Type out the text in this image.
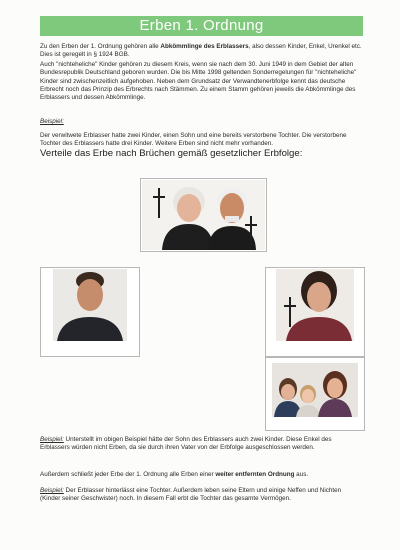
Erben 1. Ordnung

Zu den Erben der 1. Ordnung gehören alle Abkömmlinge des Erblassers, also dessen Kinder, Enkel, Urenkel etc. Dies ist geregelt in § 1924 BGB.

Auch "nichteheliche" Kinder gehören zu diesem Kreis, wenn sie nach dem 30. Juni 1949 in dem Gebiet der alten Bundesrepublik Deutschland geboren wurden. Die bis Mitte 1998 geltenden Sonderregelungen für "nichteheliche" Kinder sind zwischenzeitlich aufgehoben. Neben dem Grundsatz der Verwandtenerbfolge kennt das deutsche Erbrecht noch das Prinzip des Erbrechts nach Stämmen. Zu einem Stamm gehören jeweils die Abkömmlinge des Erblassers und dessen Abkömmlinge.

Beispiel:

Der verwitwete Erblasser hatte zwei Kinder, einen Sohn und eine bereits verstorbene Tochter. Die verstorbene Tochter des Erblassers hatte drei Kinder. Weitere Erben sind nicht mehr vorhanden.

Verteile das Erbe nach Brüchen gemäß gesetzlicher Erbfolge:

Beispiel: Unterstellt im obigen Beispiel hätte der Sohn des Erblassers auch zwei Kinder. Diese Enkel des Erblassers würden nicht Erben, da sie durch ihren Vater von der Erbfolge ausgeschlossen werden.

Außerdem schließt jeder Erbe der 1. Ordnung alle Erben einer weiter entfernten Ordnung aus.

Beispiel: Der Erblasser hinterlässt eine Tochter. Außerdem leben seine Eltern und einige Neffen und Nichten (Kinder seiner Geschwister) noch. In diesem Fall erbt die Tochter das gesamte Vermögen.
